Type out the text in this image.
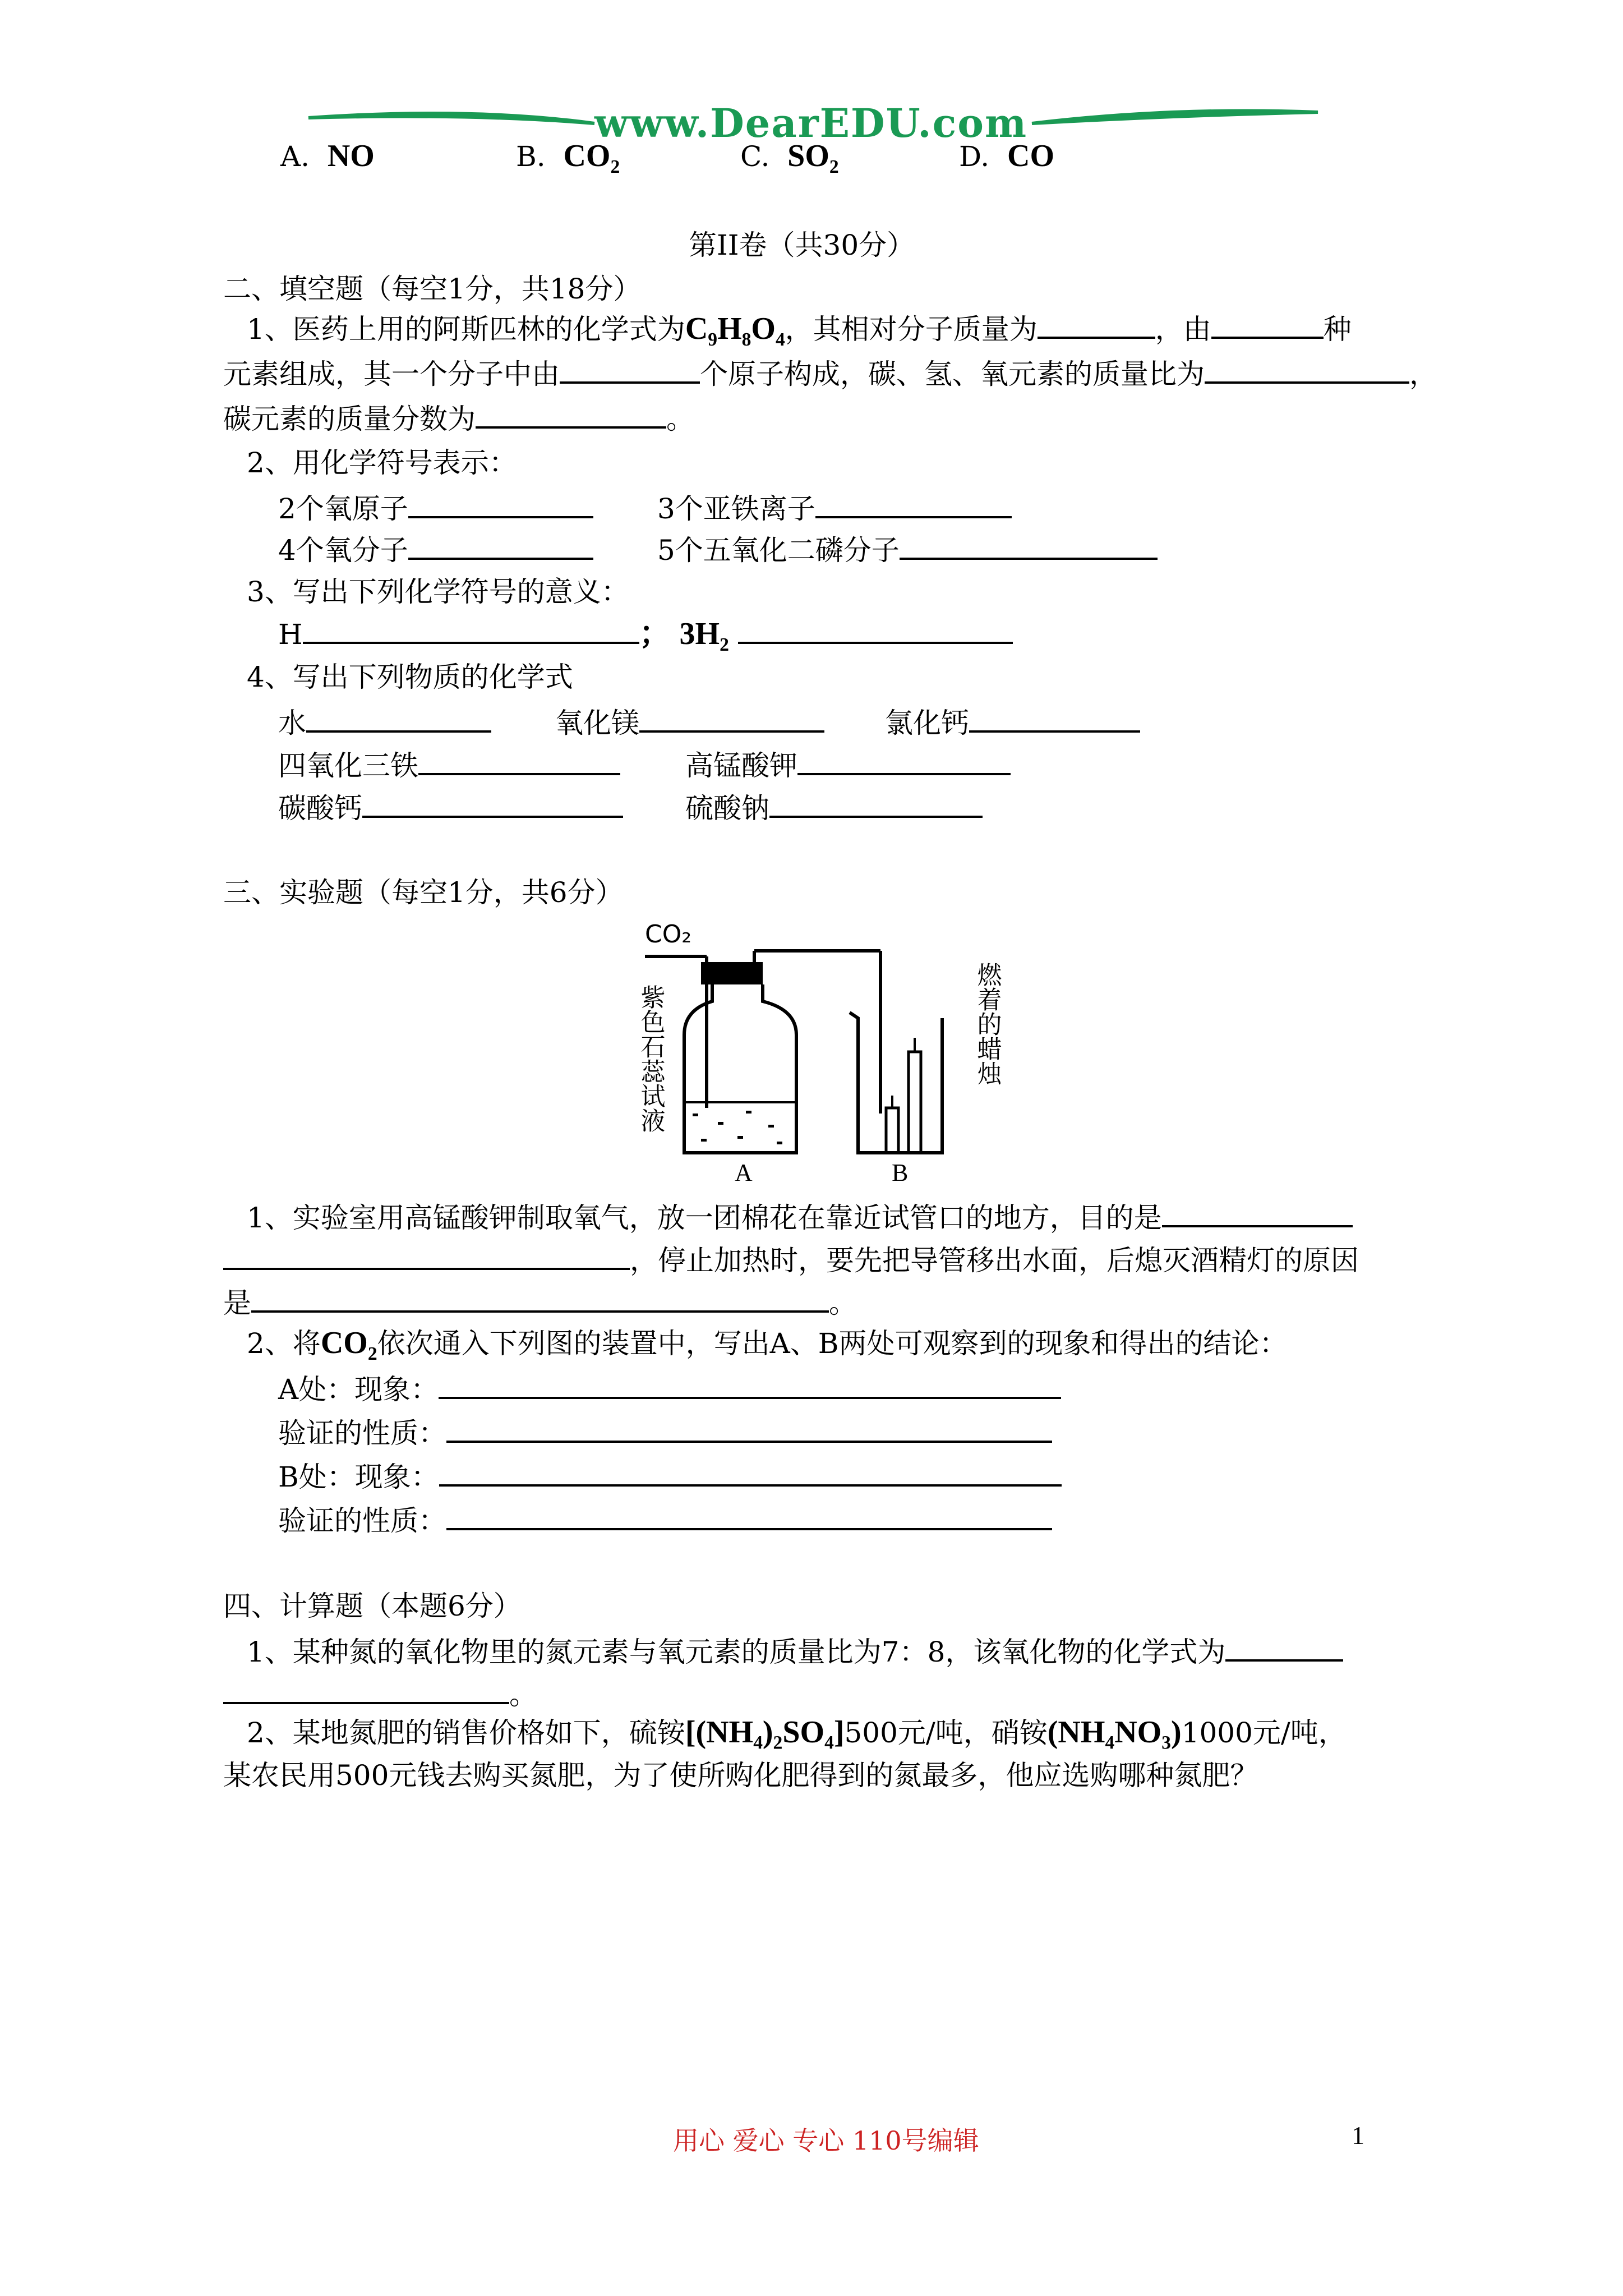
www.DearEDU.com
A. NO	B. $CO_2$	C. $SO_2$	D. CO
第II卷（共30分）
二、填空题（每空1分，共18分）
1、医药上用的阿斯匹林的化学式为$C_9H_8O_4$，其相对分子质量为	，由	种
元素组成，其一个分子中由	个原子构成，碳、氢、氧元素的质量比为	，
碳元素的质量分数为	。
2、用化学符号表示：
2个氧原子	3个亚铁离子
4个氧分子	5个五氧化二磷分子
3、写出下列化学符号的意义：
H	； $3H_2$
4、写出下列物质的化学式
水	氧化镁	氯化钙
四氧化三铁	高锰酸钾
碳酸钙	硫酸钠
三、实验题（每空1分，共6分）
CO₂
紫色石蕊试液	燃着的蜡烛
A	B
1、实验室用高锰酸钾制取氧气，放一团棉花在靠近试管口的地方，目的是
，停止加热时，要先把导管移出水面，后熄灭酒精灯的原因
是	。
2、将$CO_2$依次通入下列图的装置中，写出A、B两处可观察到的现象和得出的结论：
A处：现象：
验证的性质：
B处：现象：
验证的性质：
四、计算题（本题6分）
1、某种氮的氧化物里的氮元素与氧元素的质量比为7：8，该氧化物的化学式为
。
2、某地氮肥的销售价格如下，硫铵[(NH₄)₂SO₄]500元/吨，硝铵(NH₄NO₃)1000元/吨，
某农民用500元钱去购买氮肥，为了使所购化肥得到的氮最多，他应选购哪种氮肥？
用心 爱心 专心 110号编辑	1
